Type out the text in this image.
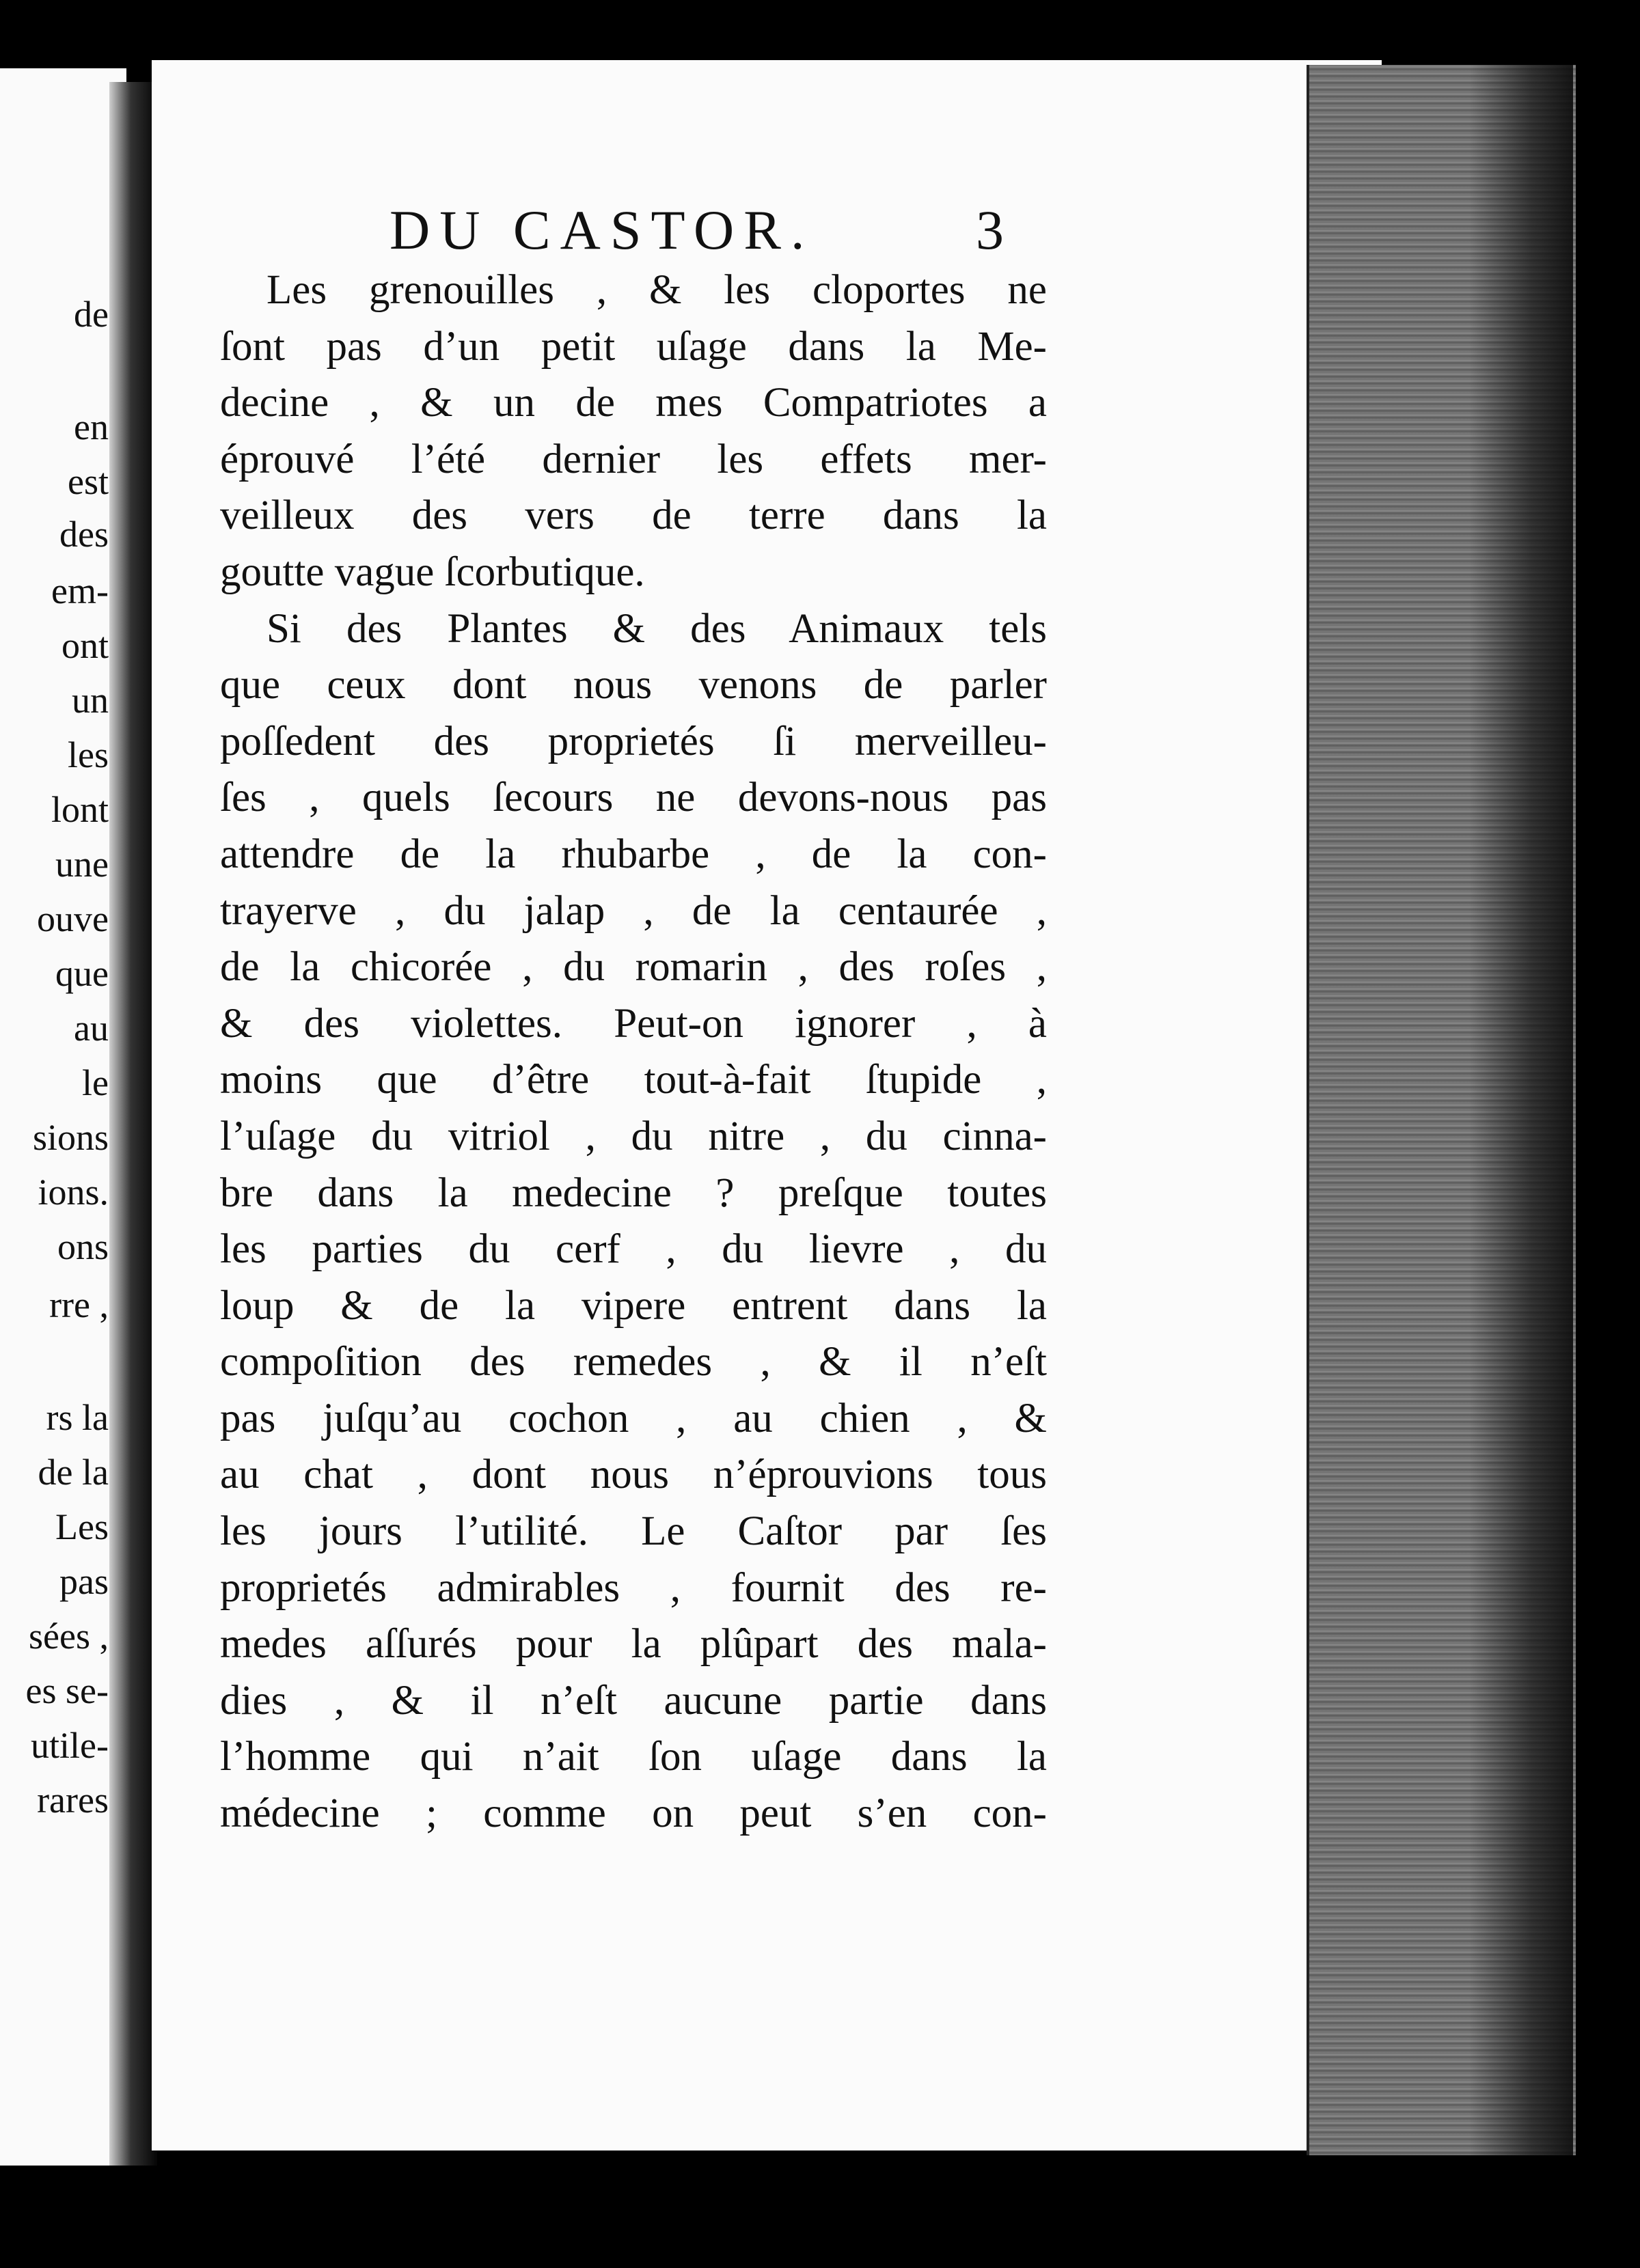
de
en
est
des
em-
ont
un
les
lont
une
ouve
que
au
le
sions
ions.
ons
rre ,
rs la
de la
Les
pas
sées ,
es se-
utile-
rares
DU CASTOR.	3
Les grenouilles , & les cloportes ne
ſont pas d’un petit uſage dans la Me-
decine , & un de mes Compatriotes a
éprouvé l’été dernier les effets mer-
veilleux des vers de terre dans la
goutte vague ſcorbutique.
Si des Plantes & des Animaux tels
que ceux dont nous venons de parler
poſſedent des proprietés ſi merveilleu-
ſes , quels ſecours ne devons-nous pas
attendre de la rhubarbe , de la con-
trayerve , du jalap , de la centaurée ,
de la chicorée , du romarin , des roſes ,
& des violettes. Peut-on ignorer , à
moins que d’être tout-à-fait ſtupide ,
l’uſage du vitriol , du nitre , du cinna-
bre dans la medecine ? preſque toutes
les parties du cerf , du lievre , du
loup & de la vipere entrent dans la
compoſition des remedes , & il n’eſt
pas juſqu’au cochon , au chien , &
au chat , dont nous n’éprouvions tous
les jours l’utilité. Le Caſtor par ſes
proprietés admirables , fournit des re-
medes aſſurés pour la plûpart des mala-
dies , & il n’eſt aucune partie dans
l’homme qui n’ait ſon uſage dans la
médecine ; comme on peut s’en con-
